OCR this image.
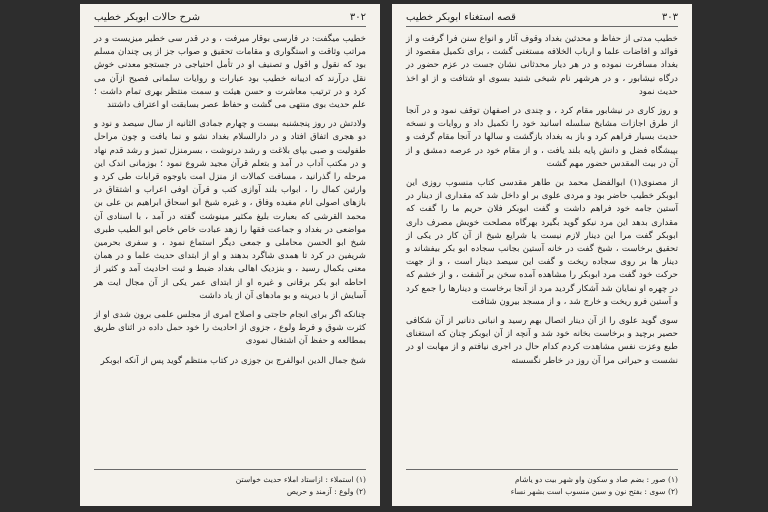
۳۰۲
شرح حالات ابوبکر خطیب

خطیب میگفت: در فارسی بوقار میرفت ، و در قدر سی خطیر میزیست و در مراتب وثاقت و استگواری و مقامات تحقیق و صواب جز از پی چندان مسلم بود که نقول و اقول و تصنیف او در تأمل احتیاجی در جستجو معدنی خوش نقل درآرند که ادیبانه خطیب بود عبارات و روایات سلمانی فصیح ازآن می کرد و در ترتیب معاشرت و حسن هیئت و سمت منتظر بهری تمام داشت ؛ علم حدیث بوی منتهی می گشت و حفاظ عصر بسابقت او اعتراف داشتند

ولادتش در روز پنجشنبه بیست و چهارم جمادی الثانیه از سال سیصد و نود و دو هجری اتفاق افتاد و در دارالسلام بغداد نشو و نما یافت و چون مراحل طفولیت و صبی بپای بلاغت و رشد درنوشت ، بسرمنزل تمیز و رشد قدم نهاد و در مکتب آداب در آمد و بتعلم قرآن مجید شروع نمود ؛ بوزمانی اندک این مرحله را گذرانید ، مسافت کمالات از منزل امت باوجوه قرابات طی کرد و وارثین کمال را ، ابواب بلند آوازی کتب و قرآن اوفی اعراب و اشتقاق در بازهای اصولی انام مفیده وفاق ، و غیره شیخ ابو اسحاق ابراهیم بن علی بن محمد القرشی که بعبارت بلیغ مکثیر مینوشت گفته در آمد ، با اسنادی آن مواضعی در بغداد و جماعت فقها را زهد عبادت خاص خاص ابو الطیب طبری شیخ ابو الحسن محاملی و جمعی دیگر استماع نمود ، و سفری بحرمین شریفین در کرد تا همدی شاگرد بدهند و او از ابتدای حدیث علما و در همان معنی بکمال رسید ، و بنزدیک اهالی بغداد ضبط و ثبت احادیث آمد و کثیر از احاطه ابو بکر برقانی و غیره او از ابتدای عمر یکی از آن مجال ایت هر آسایش از با دیرینه و بو مادهای آن از یاد داشت

چنانکه اگر برای انجام حاجتی و اصلاح امری از مجلس علمی برون شدی او از کثرت شوق و فرط ولوع ، جزوی از احادیث را خود حمل داده در اثنای طریق بمطالعه و حفظ آن اشتغال نمودی

شیخ جمال الدین ابوالفرج بن جوزی در کتاب منتظم گوید پس از آنکه ابوبکر

(۱) استملاء : ازاستاد املاء حدیث خواستن
(۲) ولوع : آزمند و حریص
۳۰۳
قصه استغناء ابوبکر خطیب

خطیب مدتی از حفاظ و محدثین بغداد وقوف آثار و انواع سنن فرا گرفت و از فوائد و افاضات علما و ارباب الخلافه مستغنی گشت ، برای تکمیل مقصود از بغداد مسافرت نموده و در هر دیار محدثانی نشان جست در عزم حضور در درگاه نیشابور ، و در هرشهر نام شیخی شنید بسوی او شتافت و از او اخذ حدیث نمود

و روز کاری در نیشابور مقام کرد ، و چندی در اصفهان توقف نمود و در آنجا از طرق اجازات مشایخ سلسله اسانید خود را تکمیل داد و روایات و نسخه حدیث بسیار فراهم کرد و باز به بغداد بازگشت و سالها در آنجا مقام گرفت و بپیشگاه فضل و دانش پایه بلند یافت ، و از مقام خود در عرصه دمشق و از آن در بیت المقدس حضور مهم گشت

از مصنوی(۱) ابوالفضل محمد بن طاهر مقدسی کتاب منسوب روزی این ابوبکر خطیب حاضر بود و مردی علوی بر او داخل شد که مقداری از دینار در آستین جامه خود فراهم داشت و گفت ابوبکر فلان حریم ما را گفت که مقداری بدهد این مرد نیکو گوید بگیرد بهرگاه مصلحت خویش مصرف داری ابوبکر گفت مرا این دینار لازم نیست یا شرایع شیخ از آن کار در یکی از تحقیق برخاست ، شیخ گفت در خانه آستین بجانب سجاده ابو بکر بیفشاند و دینار ها بر روی سجاده ریخت و گفت این سیصد دینار است ، و از جهت حرکت خود گفت مرد ابوبکر را مشاهده آمده سخن بر آشفت ، و از خشم که در چهره او نمایان شد آشکار گردید مرد از آنجا برخاست و دینارها را جمع کرد و آستین فرو ریخت و خارج شد ، و از مسجد بیرون شتافت

سوی گوید علوی را از آن دینار اتصال بهم رسید و انبانی دنانیر از آن شکافی حصیر برچید و برخاست بخانه خود شد و آنچه از آن ابوبکر چنان که استغنای طبع وعزت نفس مشاهدت کردم کدام حال در اجری نیافتم و از مهابت او در نشست و حیرانی مرا آن روز در خاطر نگسسته

(۱) صور : بضم صاد و سکون واو شهر بیت دو یاشام
(۲) سوی : بفتح نون و سین منسوب است بشهر نساء
